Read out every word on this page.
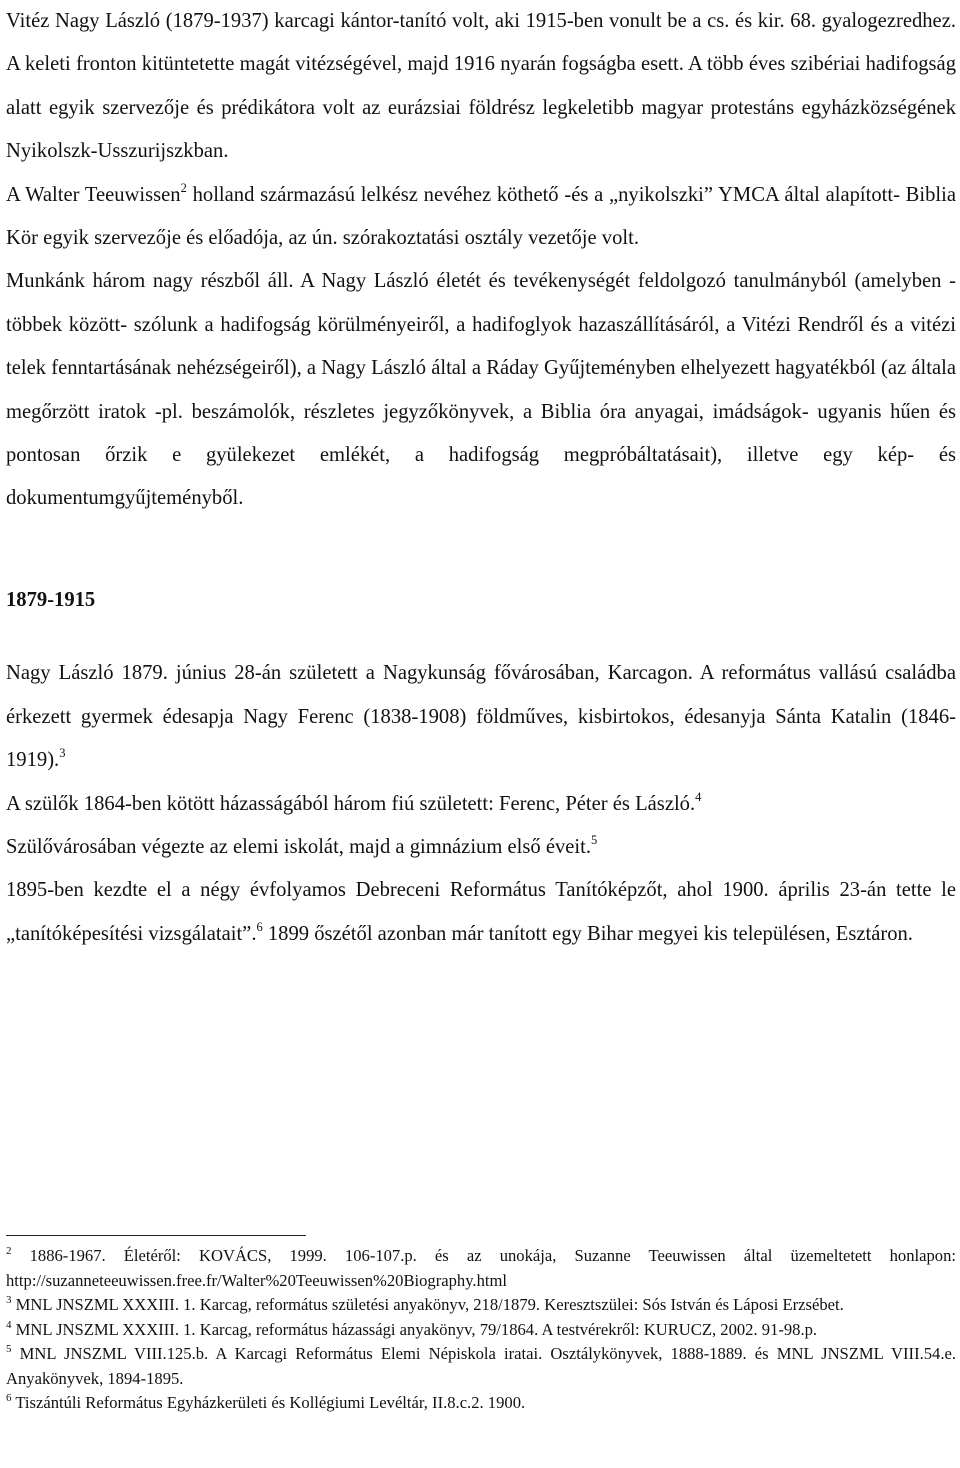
Vitéz Nagy László (1879-1937) karcagi kántor-tanító volt, aki 1915-ben vonult be a cs. és kir. 68. gyalogezredhez. A keleti fronton kitüntetette magát vitézségével, majd 1916 nyarán fogságba esett. A több éves szibériai hadifogság alatt egyik szervezője és prédikátora volt az eurázsiai földrész legkeletibb magyar protestáns egyházközségének Nyikolszk-Usszurijszkban.

A Walter Teeuwissen$^2$ holland származású lelkész nevéhez köthető -és a „nyikolszki” YMCA által alapított- Biblia Kör egyik szervezője és előadója, az ún. szórakoztatási osztály vezetője volt.

Munkánk három nagy részből áll. A Nagy László életét és tevékenységét feldolgozó tanulmányból (amelyben -többek között- szólunk a hadifogság körülményeiről, a hadifoglyok hazaszállításáról, a Vitézi Rendről és a vitézi telek fenntartásának nehézségeiről), a Nagy László által a Ráday Gyűjteményben elhelyezett hagyatékból (az általa megőrzött iratok -pl. beszámolók, részletes jegyzőkönyvek, a Biblia óra anyagai, imádságok- ugyanis hűen és pontosan őrzik e gyülekezet emlékét, a hadifogság megpróbáltatásait), illetve egy kép- és dokumentumgyűjteményből.

1879-1915

Nagy László 1879. június 28-án született a Nagykunság fővárosában, Karcagon. A református vallású családba érkezett gyermek édesapja Nagy Ferenc (1838-1908) földműves, kisbirtokos, édesanyja Sánta Katalin (1846-1919).$^3$

A szülők 1864-ben kötött házasságából három fiú született: Ferenc, Péter és László.$^4$

Szülővárosában végezte az elemi iskolát, majd a gimnázium első éveit.$^5$

1895-ben kezdte el a négy évfolyamos Debreceni Református Tanítóképzőt, ahol 1900. április 23-án tette le „tanítóképesítési vizsgálatait”.$^6$ 1899 őszétől azonban már tanított egy Bihar megyei kis településen, Esztáron.

$^2$ 1886-1967. Életéről: KOVÁCS, 1999. 106-107.p. és az unokája, Suzanne Teeuwissen által üzemeltetett honlapon: http://suzanneteeuwissen.free.fr/Walter%20Teeuwissen%20Biography.html

$^3$ MNL JNSZML XXXIII. 1. Karcag, református születési anyakönyv, 218/1879. Keresztszülei: Sós István és Láposi Erzsébet.

$^4$ MNL JNSZML XXXIII. 1. Karcag, református házassági anyakönyv, 79/1864. A testvérekről: KURUCZ, 2002. 91-98.p.

$^5$ MNL JNSZML VIII.125.b. A Karcagi Református Elemi Népiskola iratai. Osztálykönyvek, 1888-1889. és MNL JNSZML VIII.54.e. Anyakönyvek, 1894-1895.

$^6$ Tiszántúli Református Egyházkerületi és Kollégiumi Levéltár, II.8.c.2. 1900.
